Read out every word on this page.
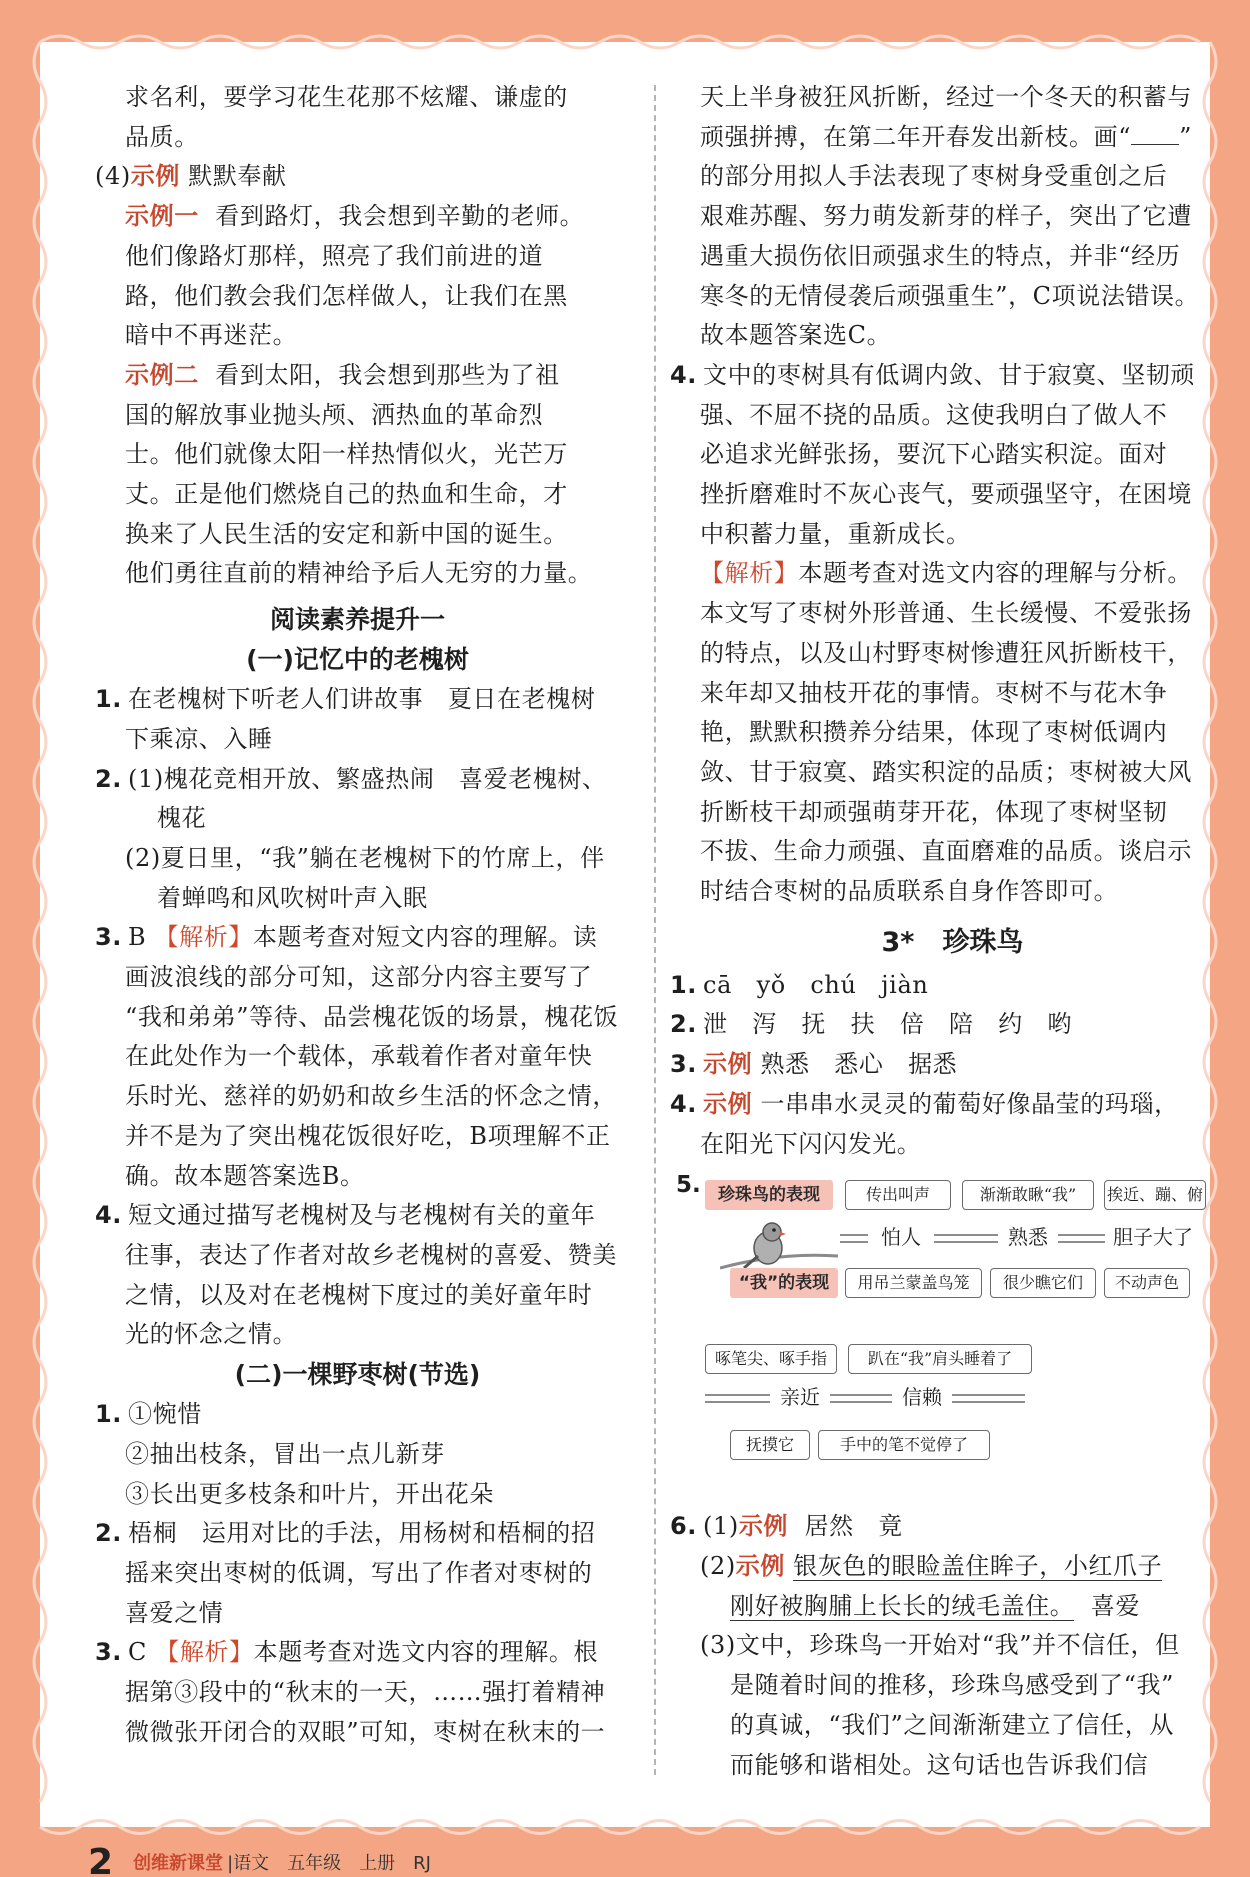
求名利，要学习花生花那不炫耀、谦虚的
品质。
(4)示例 默默奉献
示例一 看到路灯，我会想到辛勤的老师。
他们像路灯那样，照亮了我们前进的道
路，他们教会我们怎样做人，让我们在黑
暗中不再迷茫。
示例二 看到太阳，我会想到那些为了祖
国的解放事业抛头颅、洒热血的革命烈
士。他们就像太阳一样热情似火，光芒万
丈。正是他们燃烧自己的热血和生命，才
换来了人民生活的安定和新中国的诞生。
他们勇往直前的精神给予后人无穷的力量。
阅读素养提升一
(一)记忆中的老槐树
1. 在老槐树下听老人们讲故事　夏日在老槐树
下乘凉、入睡
2. (1)槐花竞相开放、繁盛热闹　喜爱老槐树、
槐花
(2)夏日里，“我”躺在老槐树下的竹席上，伴
着蝉鸣和风吹树叶声入眠
3. B 【解析】本题考查对短文内容的理解。读
画波浪线的部分可知，这部分内容主要写了
“我和弟弟”等待、品尝槐花饭的场景，槐花饭
在此处作为一个载体，承载着作者对童年快
乐时光、慈祥的奶奶和故乡生活的怀念之情，
并不是为了突出槐花饭很好吃，B项理解不正
确。故本题答案选B。
4. 短文通过描写老槐树及与老槐树有关的童年
往事，表达了作者对故乡老槐树的喜爱、赞美
之情，以及对在老槐树下度过的美好童年时
光的怀念之情。
(二)一棵野枣树(节选)
1. ①惋惜
②抽出枝条，冒出一点儿新芽
③长出更多枝条和叶片，开出花朵
2. 梧桐　运用对比的手法，用杨树和梧桐的招
摇来突出枣树的低调，写出了作者对枣树的
喜爱之情
3. C 【解析】本题考查对选文内容的理解。根
据第③段中的“秋末的一天，……强打着精神
微微张开闭合的双眼”可知，枣树在秋末的一
天上半身被狂风折断，经过一个冬天的积蓄与
顽强拼搏，在第二年开春发出新枝。画“ ”
的部分用拟人手法表现了枣树身受重创之后
艰难苏醒、努力萌发新芽的样子，突出了它遭
遇重大损伤依旧顽强求生的特点，并非“经历
寒冬的无情侵袭后顽强重生”，C项说法错误。
故本题答案选C。
4. 文中的枣树具有低调内敛、甘于寂寞、坚韧顽
强、不屈不挠的品质。这使我明白了做人不
必追求光鲜张扬，要沉下心踏实积淀。面对
挫折磨难时不灰心丧气，要顽强坚守，在困境
中积蓄力量，重新成长。
【解析】本题考查对选文内容的理解与分析。
本文写了枣树外形普通、生长缓慢、不爱张扬
的特点，以及山村野枣树惨遭狂风折断枝干，
来年却又抽枝开花的事情。枣树不与花木争
艳，默默积攒养分结果，体现了枣树低调内
敛、甘于寂寞、踏实积淀的品质；枣树被大风
折断枝干却顽强萌芽开花，体现了枣树坚韧
不拔、生命力顽强、直面磨难的品质。谈启示
时结合枣树的品质联系自身作答即可。
3* 珍珠鸟
1. cā　yǒ　chú　jiàn
2. 泄　泻　抚　扶　倍　陪　约　哟
3. 示例 熟悉　悉心　据悉
4. 示例 一串串水灵灵的葡萄好像晶莹的玛瑙，
在阳光下闪闪发光。
5.	珍珠鸟的表现	传出叫声	渐渐敢瞅“我”	挨近、蹦、俯
怕人	熟悉	胆子大了
“我”的表现	用吊兰蒙盖鸟笼	很少瞧它们	不动声色
啄笔尖、啄手指	趴在“我”肩头睡着了
亲近	信赖
抚摸它	手中的笔不觉停了
6. (1)示例 居然　竟
(2)示例 银灰色的眼睑盖住眸子，小红爪子
刚好被胸脯上长长的绒毛盖住。 喜爱
(3)文中，珍珠鸟一开始对“我”并不信任，但
是随着时间的推移，珍珠鸟感受到了“我”
的真诚，“我们”之间渐渐建立了信任，从
而能够和谐相处。这句话也告诉我们信
2 创维新课堂 |语文　五年级　上册　RJ
